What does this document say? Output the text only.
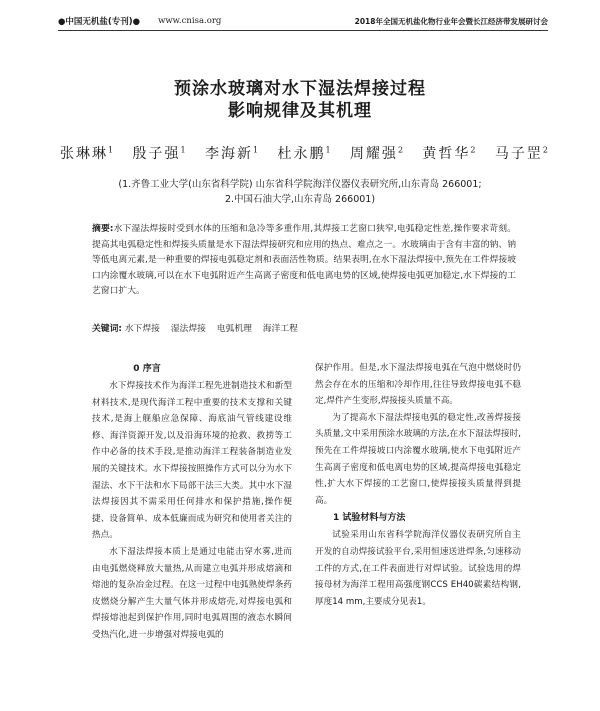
●中国无机盐(专刊)● www.cnisa.org	2018年全国无机盐化物行业年会暨长江经济带发展研讨会
预涂水玻璃对水下湿法焊接过程
影响规律及其机理
张琳琳$^1$ 殷子强$^1$ 李海新$^1$ 杜永鹏$^1$ 周耀强$^2$ 黄哲华$^2$ 马子罡$^2$
(1.齐鲁工业大学(山东省科学院) 山东省科学院海洋仪器仪表研究所,山东青岛 266001;
2.中国石油大学,山东青岛 266001)
摘要:水下湿法焊接时受到水体的压缩和急冷等多重作用,其焊接工艺窗口狭窄,电弧稳定性差,操作要求苛刻。提高其电弧稳定性和焊接头质量是水下湿法焊接研究和应用的热点、难点之一。水玻璃由于含有丰富的钠、钠等低电离元素,是一种重要的焊接电弧稳定剂和表面活性物质。结果表明,在水下湿法焊接中,预先在工件焊接坡口内涂覆水玻璃,可以在水下电弧附近产生高离子密度和低电离电势的区域,使焊接电弧更加稳定,水下焊接的工艺窗口扩大。
关键词: 水下焊接 湿法焊接 电弧机理 海洋工程
0 序言

水下焊接技术作为海洋工程先进制造技术和新型材料技术,是现代海洋工程中重要的技术支撑和关键技术,是海上舰船应急保障、海底油气管线建设维修、海洋资源开发,以及沿海环境的抢救、救捞等工作中必备的技术手段,是推动海洋工程装备制造业发展的关键技术。水下焊接按照操作方式可以分为水下湿法、水下干法和水下局部干法三大类。其中水下湿法焊接因其不需采用任何排水和保护措施,操作便捷、设备简单、成本低廉而成为研究和使用者关注的热点。

水下湿法焊接本质上是通过电能击穿水雾,进而由电弧燃烧释放大量热,从而建立电弧并形成熔滴和熔池的复杂冶金过程。在这一过程中电弧熟使焊条药皮燃烧分解产生大量气体并形成熔壳,对焊接电弧和焊接熔池起到保护作用,同时电弧周围的液态水瞬间受热汽化,进一步增强对焊接电弧的

保护作用。但是,水下湿法焊接电弧在气泡中燃烧时仍然会存在水的压缩和冷却作用,往往导致焊接电弧不稳定,焊件产生变形,焊接接头质量不高。

为了提高水下湿法焊接电弧的稳定性,改善焊接接头质量,文中采用预涂水玻璃的方法,在水下湿法焊接时,预先在工件焊接坡口内涂覆水玻璃,使水下电弧附近产生高离子密度和低电离电势的区域,提高焊接电弧稳定性,扩大水下焊接的工艺窗口,使焊接接头质量得到提高。

1 试验材料与方法

试验采用山东省科学院海洋仪器仪表研究所自主开发的自动焊接试验平台,采用恒速送进焊条,匀速移动工件的方式,在工件表面进行对焊试验。试验选用的焊接母材为海洋工程用高强度钢CCS EH40碳素结构钢,厚度14 mm,主要成分见表1。
